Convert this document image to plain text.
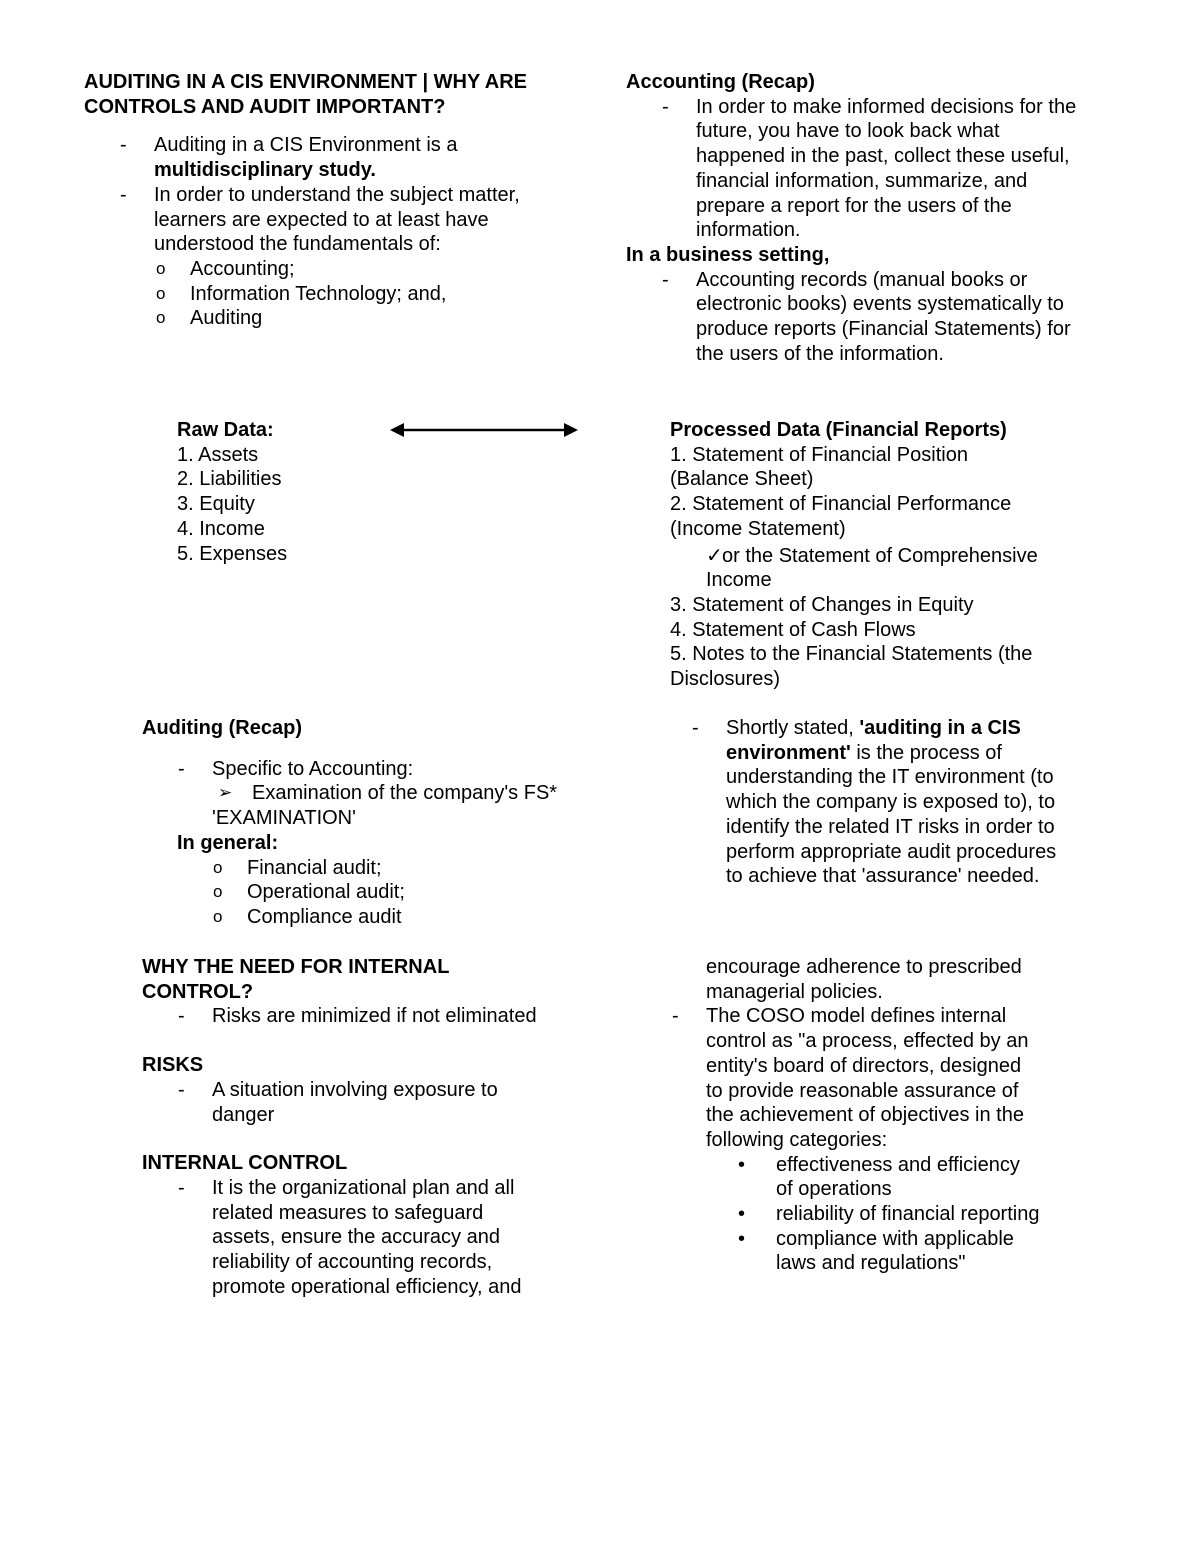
AUDITING IN A CIS ENVIRONMENT | WHY ARE

CONTROLS AND AUDIT IMPORTANT?

- Auditing in a CIS Environment is a

multidisciplinary study.

- In order to understand the subject matter,

learners are expected to at least have

understood the fundamentals of:

o Accounting;
o Information Technology; and,
o Auditing

Accounting (Recap)

- In order to make informed decisions for the

future, you have to look back what

happened in the past, collect these useful,

financial information, summarize, and

prepare a report for the users of the

information.

In a business setting,

- Accounting records (manual books or

electronic books) events systematically to

produce reports (Financial Statements) for

the users of the information.

Raw Data:

1. Assets

2. Liabilities

3. Equity

4. Income

5. Expenses

Processed Data (Financial Reports)

1. Statement of Financial Position

(Balance Sheet)

2. Statement of Financial Performance

(Income Statement)

✓ or the Statement of Comprehensive

Income

3. Statement of Changes in Equity

4. Statement of Cash Flows

5. Notes to the Financial Statements (the

Disclosures)

Auditing (Recap)

- Specific to Accounting:

➢ Examination of the company's FS*

'EXAMINATION'

In general:

o Financial audit;
o Operational audit;
o Compliance audit
- Shortly stated, 'auditing in a CIS

environment' is the process of

understanding the IT environment (to

which the company is exposed to), to

identify the related IT risks in order to

perform appropriate audit procedures

to achieve that 'assurance' needed.

WHY THE NEED FOR INTERNAL

CONTROL?

- Risks are minimized if not eliminated

RISKS

- A situation involving exposure to

danger

INTERNAL CONTROL

- It is the organizational plan and all

related measures to safeguard

assets, ensure the accuracy and

reliability of accounting records,

promote operational efficiency, and

encourage adherence to prescribed

managerial policies.

- The COSO model defines internal

control as "a process, effected by an

entity's board of directors, designed

to provide reasonable assurance of

the achievement of objectives in the

following categories:

• effectiveness and efficiency

of operations

• reliability of financial reporting

• compliance with applicable

laws and regulations"
